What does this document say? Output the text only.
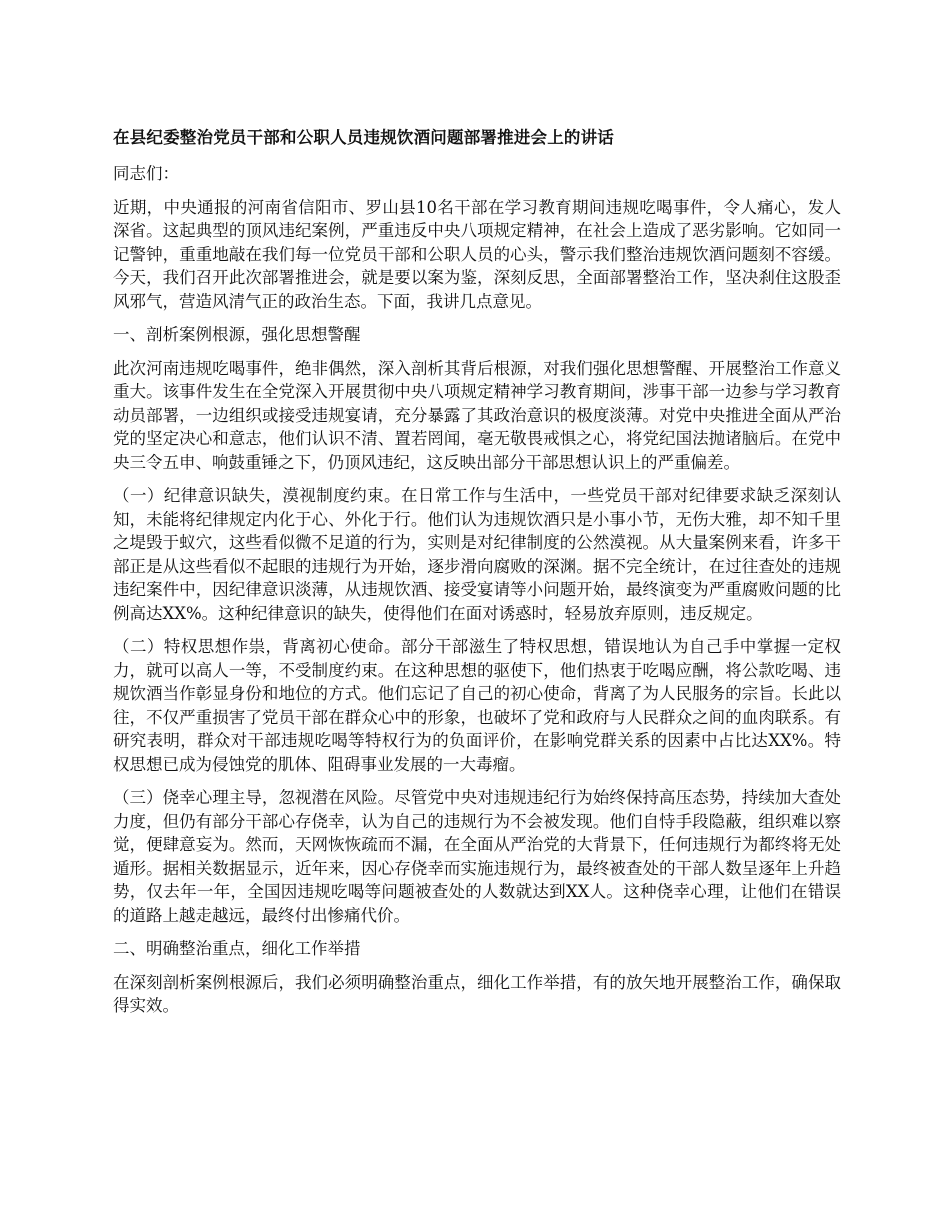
在县纪委整治党员干部和公职人员违规饮酒问题部署推进会上的讲话

同志们：

近期，中央通报的河南省信阳市、罗山县10名干部在学习教育期间违规吃喝事件，令人痛心，发人深省。这起典型的顶风违纪案例，严重违反中央八项规定精神，在社会上造成了恶劣影响。它如同一记警钟，重重地敲在我们每一位党员干部和公职人员的心头，警示我们整治违规饮酒问题刻不容缓。今天，我们召开此次部署推进会，就是要以案为鉴，深刻反思，全面部署整治工作，坚决刹住这股歪风邪气，营造风清气正的政治生态。下面，我讲几点意见。

一、剖析案例根源，强化思想警醒

此次河南违规吃喝事件，绝非偶然，深入剖析其背后根源，对我们强化思想警醒、开展整治工作意义重大。该事件发生在全党深入开展贯彻中央八项规定精神学习教育期间，涉事干部一边参与学习教育动员部署，一边组织或接受违规宴请，充分暴露了其政治意识的极度淡薄。对党中央推进全面从严治党的坚定决心和意志，他们认识不清、置若罔闻，毫无敬畏戒惧之心，将党纪国法抛诸脑后。在党中央三令五申、响鼓重锤之下，仍顶风违纪，这反映出部分干部思想认识上的严重偏差。

（一）纪律意识缺失，漠视制度约束。在日常工作与生活中，一些党员干部对纪律要求缺乏深刻认知，未能将纪律规定内化于心、外化于行。他们认为违规饮酒只是小事小节，无伤大雅，却不知千里之堤毁于蚁穴，这些看似微不足道的行为，实则是对纪律制度的公然漠视。从大量案例来看，许多干部正是从这些看似不起眼的违规行为开始，逐步滑向腐败的深渊。据不完全统计，在过往查处的违规违纪案件中，因纪律意识淡薄，从违规饮酒、接受宴请等小问题开始，最终演变为严重腐败问题的比例高达XX%。这种纪律意识的缺失，使得他们在面对诱惑时，轻易放弃原则，违反规定。

（二）特权思想作祟，背离初心使命。部分干部滋生了特权思想，错误地认为自己手中掌握一定权力，就可以高人一等，不受制度约束。在这种思想的驱使下，他们热衷于吃喝应酬，将公款吃喝、违规饮酒当作彰显身份和地位的方式。他们忘记了自己的初心使命，背离了为人民服务的宗旨。长此以往，不仅严重损害了党员干部在群众心中的形象，也破坏了党和政府与人民群众之间的血肉联系。有研究表明，群众对干部违规吃喝等特权行为的负面评价，在影响党群关系的因素中占比达XX%。特权思想已成为侵蚀党的肌体、阻碍事业发展的一大毒瘤。

（三）侥幸心理主导，忽视潜在风险。尽管党中央对违规违纪行为始终保持高压态势，持续加大查处力度，但仍有部分干部心存侥幸，认为自己的违规行为不会被发现。他们自恃手段隐蔽，组织难以察觉，便肆意妄为。然而，天网恢恢疏而不漏，在全面从严治党的大背景下，任何违规行为都终将无处遁形。据相关数据显示，近年来，因心存侥幸而实施违规行为，最终被查处的干部人数呈逐年上升趋势，仅去年一年，全国因违规吃喝等问题被查处的人数就达到XX人。这种侥幸心理，让他们在错误的道路上越走越远，最终付出惨痛代价。

二、明确整治重点，细化工作举措

在深刻剖析案例根源后，我们必须明确整治重点，细化工作举措，有的放矢地开展整治工作，确保取得实效。
